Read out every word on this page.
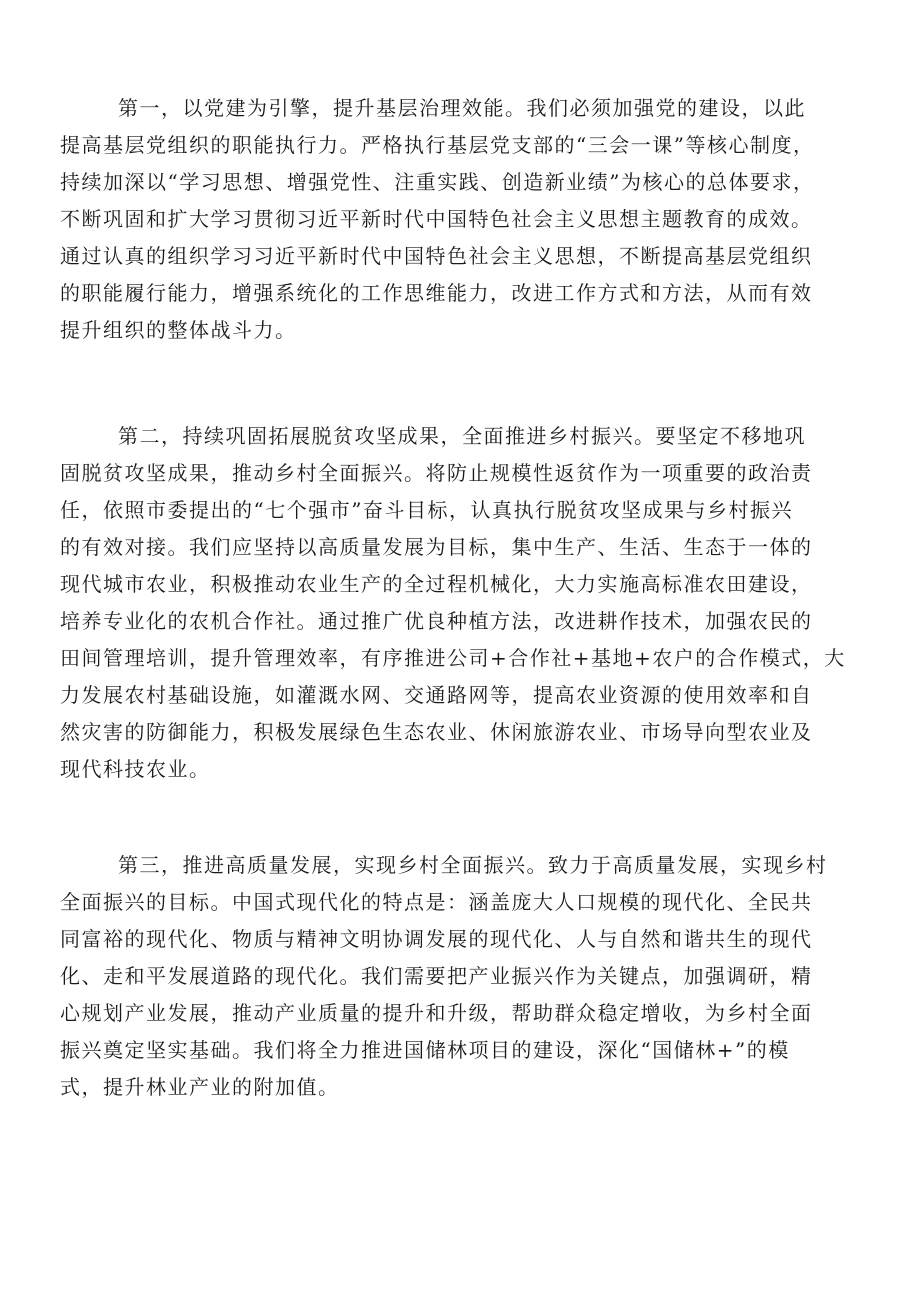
第一，以党建为引擎，提升基层治理效能。我们必须加强党的建设，以此
提高基层党组织的职能执行力。严格执行基层党支部的“三会一课”等核心制度，
持续加深以“学习思想、增强党性、注重实践、创造新业绩”为核心的总体要求，
不断巩固和扩大学习贯彻习近平新时代中国特色社会主义思想主题教育的成效。
通过认真的组织学习习近平新时代中国特色社会主义思想，不断提高基层党组织
的职能履行能力，增强系统化的工作思维能力，改进工作方式和方法，从而有效
提升组织的整体战斗力。

第二，持续巩固拓展脱贫攻坚成果，全面推进乡村振兴。要坚定不移地巩
固脱贫攻坚成果，推动乡村全面振兴。将防止规模性返贫作为一项重要的政治责
任，依照市委提出的“七个强市”奋斗目标，认真执行脱贫攻坚成果与乡村振兴
的有效对接。我们应坚持以高质量发展为目标，集中生产、生活、生态于一体的
现代城市农业，积极推动农业生产的全过程机械化，大力实施高标准农田建设，
培养专业化的农机合作社。通过推广优良种植方法，改进耕作技术，加强农民的
田间管理培训，提升管理效率，有序推进公司+合作社+基地+农户的合作模式，大
力发展农村基础设施，如灌溉水网、交通路网等，提高农业资源的使用效率和自
然灾害的防御能力，积极发展绿色生态农业、休闲旅游农业、市场导向型农业及
现代科技农业。

第三，推进高质量发展，实现乡村全面振兴。致力于高质量发展，实现乡村
全面振兴的目标。中国式现代化的特点是：涵盖庞大人口规模的现代化、全民共
同富裕的现代化、物质与精神文明协调发展的现代化、人与自然和谐共生的现代
化、走和平发展道路的现代化。我们需要把产业振兴作为关键点，加强调研，精
心规划产业发展，推动产业质量的提升和升级，帮助群众稳定增收，为乡村全面
振兴奠定坚实基础。我们将全力推进国储林项目的建设，深化“国储林+”的模
式，提升林业产业的附加值。
